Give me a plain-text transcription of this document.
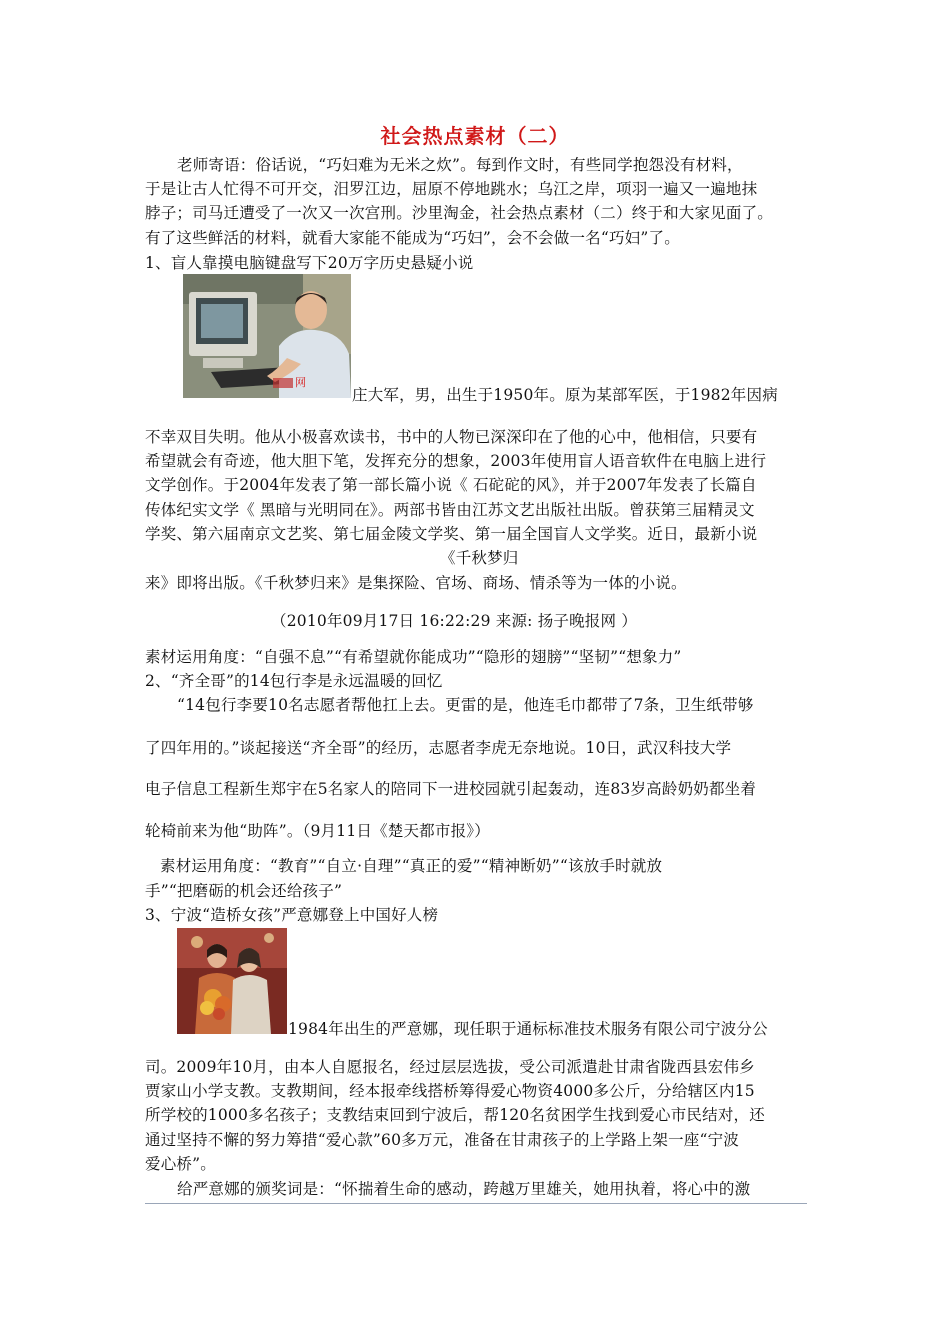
社会热点素材（二）
老师寄语：俗话说，“巧妇难为无米之炊”。每到作文时，有些同学抱怨没有材料，
于是让古人忙得不可开交，汨罗江边，屈原不停地跳水；乌江之岸，项羽一遍又一遍地抹
脖子；司马迁遭受了一次又一次宫刑。沙里淘金，社会热点素材（二）终于和大家见面了。
有了这些鲜活的材料，就看大家能不能成为“巧妇”，会不会做一名“巧妇”了。
1、盲人靠摸电脑键盘写下20万字历史悬疑小说
网
庄大军，男，出生于1950年。原为某部军医，于1982年因病
不幸双目失明。他从小极喜欢读书，书中的人物已深深印在了他的心中，他相信，只要有
希望就会有奇迹，他大胆下笔，发挥充分的想象，2003年使用盲人语音软件在电脑上进行
文学创作。于2004年发表了第一部长篇小说《 石砣砣的风》，并于2007年发表了长篇自
传体纪实文学《 黑暗与光明同在》。两部书皆由江苏文艺出版社出版。曾获第三届精灵文
学奖、第六届南京文艺奖、第七届金陵文学奖、第一届全国盲人文学奖。近日，最新小说
《千秋梦归
来》即将出版。《千秋梦归来》是集探险、官场、商场、情杀等为一体的小说。
（2010年09月17日 16:22:29 来源: 扬子晚报网 ）
素材运用角度：“自强不息”“有希望就你能成功”“隐形的翅膀”“坚韧”“想象力”
2、“齐全哥”的14包行李是永远温暖的回忆
“14包行李要10名志愿者帮他扛上去。更雷的是，他连毛巾都带了7条，卫生纸带够
了四年用的。”谈起接送“齐全哥”的经历，志愿者李虎无奈地说。10日，武汉科技大学
电子信息工程新生郑宇在5名家人的陪同下一进校园就引起轰动，连83岁高龄奶奶都坐着
轮椅前来为他“助阵”。（9月11日《楚天都市报》）
素材运用角度：“教育”“自立·自理”“真正的爱”“精神断奶”“该放手时就放
手”“把磨砺的机会还给孩子”
3、宁波“造桥女孩”严意娜登上中国好人榜
1984年出生的严意娜，现任职于通标标准技术服务有限公司宁波分公
司。2009年10月，由本人自愿报名，经过层层选拔，受公司派遣赴甘肃省陇西县宏伟乡
贾家山小学支教。支教期间，经本报牵线搭桥筹得爱心物资4000多公斤，分给辖区内15
所学校的1000多名孩子；支教结束回到宁波后，帮120名贫困学生找到爱心市民结对，还
通过坚持不懈的努力筹措“爱心款”60多万元，准备在甘肃孩子的上学路上架一座“宁波
爱心桥”。
给严意娜的颁奖词是：“怀揣着生命的感动，跨越万里雄关，她用执着，将心中的激
